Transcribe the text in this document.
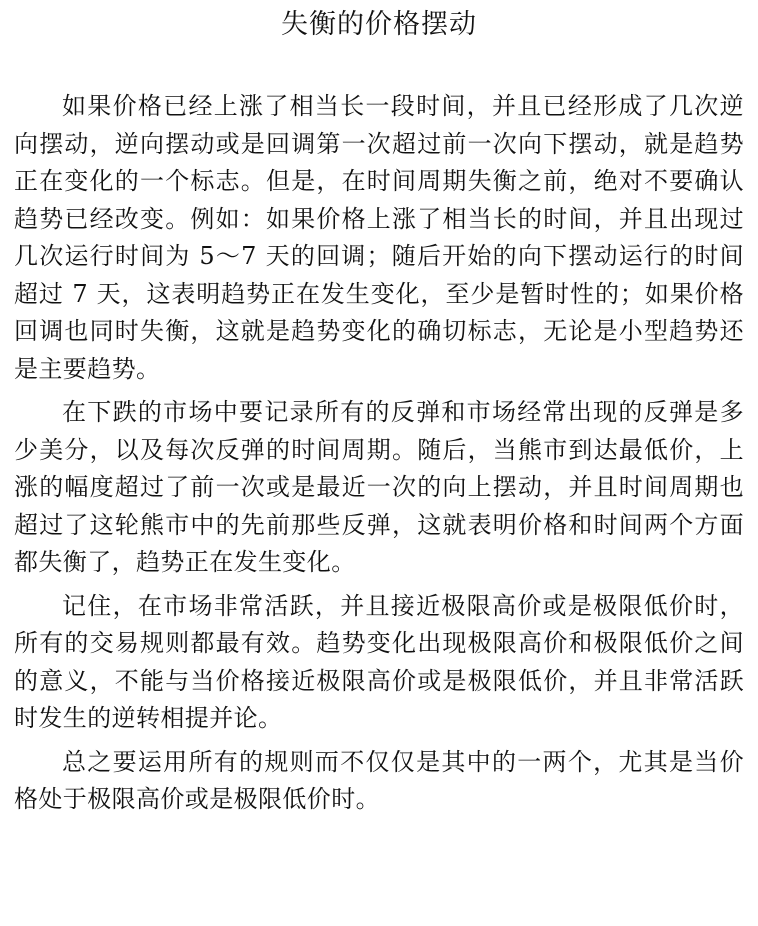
失衡的价格摆动

如果价格已经上涨了相当长一段时间，并且已经形成了几次逆向摆动，逆向摆动或是回调第一次超过前一次向下摆动，就是趋势正在变化的一个标志。但是，在时间周期失衡之前，绝对不要确认趋势已经改变。例如：如果价格上涨了相当长的时间，并且出现过几次运行时间为 5～7 天的回调；随后开始的向下摆动运行的时间超过 7 天，这表明趋势正在发生变化，至少是暂时性的；如果价格回调也同时失衡，这就是趋势变化的确切标志，无论是小型趋势还是主要趋势。

在下跌的市场中要记录所有的反弹和市场经常出现的反弹是多少美分，以及每次反弹的时间周期。随后，当熊市到达最低价，上涨的幅度超过了前一次或是最近一次的向上摆动，并且时间周期也超过了这轮熊市中的先前那些反弹，这就表明价格和时间两个方面都失衡了，趋势正在发生变化。

记住，在市场非常活跃，并且接近极限高价或是极限低价时，所有的交易规则都最有效。趋势变化出现极限高价和极限低价之间的意义，不能与当价格接近极限高价或是极限低价，并且非常活跃时发生的逆转相提并论。

总之要运用所有的规则而不仅仅是其中的一两个，尤其是当价格处于极限高价或是极限低价时。
